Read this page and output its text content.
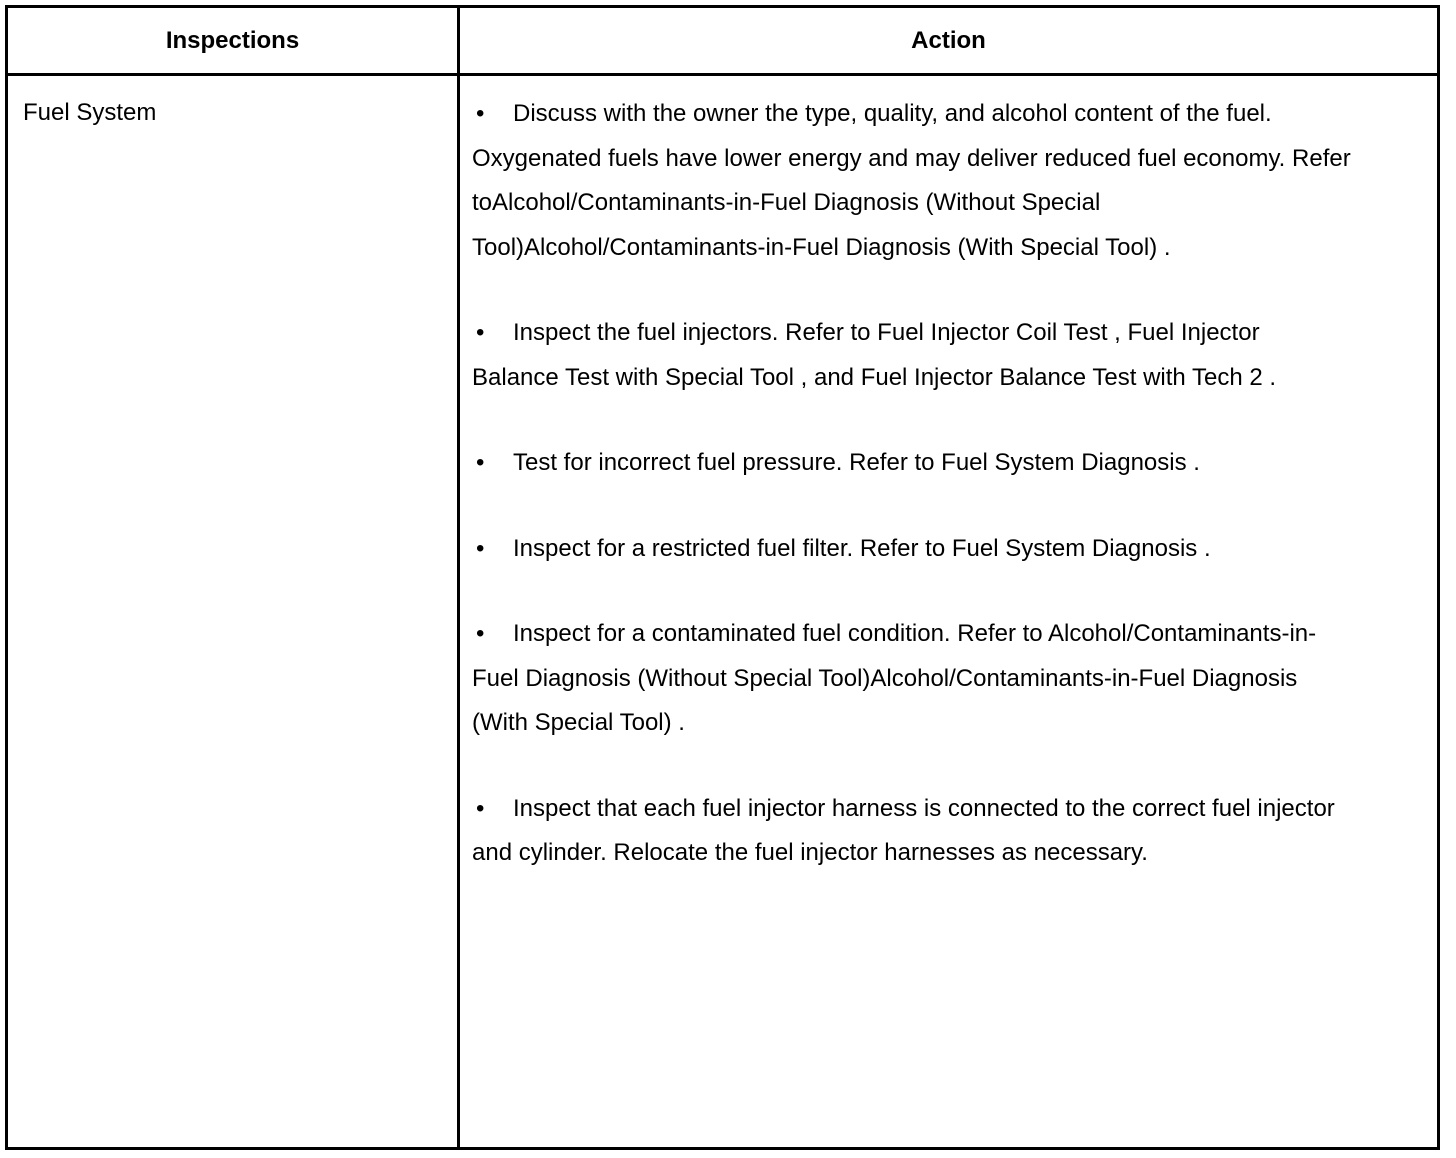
Inspections	Action
Fuel System	• Discuss with the owner the type, quality, and alcohol content of the fuel. Oxygenated fuels have lower energy and may deliver reduced fuel economy. Refer toAlcohol/Contaminants-in-Fuel Diagnosis (Without Special Tool)Alcohol/Contaminants-in-Fuel Diagnosis (With Special Tool) .
• Inspect the fuel injectors. Refer to Fuel Injector Coil Test , Fuel Injector Balance Test with Special Tool , and Fuel Injector Balance Test with Tech 2 .
• Test for incorrect fuel pressure. Refer to Fuel System Diagnosis .
• Inspect for a restricted fuel filter. Refer to Fuel System Diagnosis .
• Inspect for a contaminated fuel condition. Refer to Alcohol/Contaminants-in-Fuel Diagnosis (Without Special Tool)Alcohol/Contaminants-in-Fuel Diagnosis (With Special Tool) .
• Inspect that each fuel injector harness is connected to the correct fuel injector and cylinder. Relocate the fuel injector harnesses as necessary.
